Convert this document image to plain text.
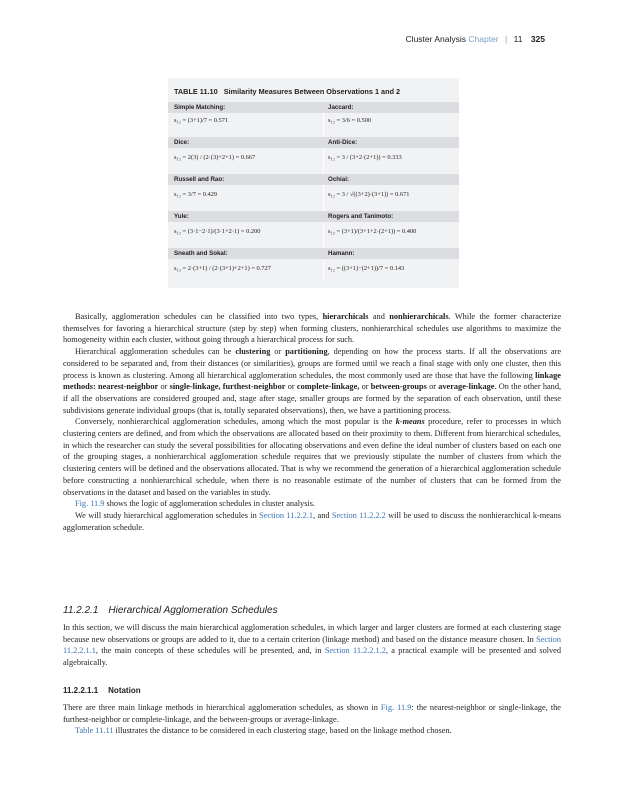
Cluster Analysis Chapter | 11 325
TABLE 11.10 Similarity Measures Between Observations 1 and 2
Simple Matching:	Jaccard:
s₁₂ = (3+1)/7 = 0.571	s₁₂ = 3/6 = 0.500
Dice:	Anti-Dice:
s₁₂ = 2(3) / (2·(3)+2+1) = 0.667	s₁₂ = 3 / (3+2·(2+1)) = 0.333
Russell and Rao:	Ochiai:
s₁₂ = 3/7 = 0.429	s₁₂ = 3 / √((3+2)·(3+1)) = 0.671
Yule:	Rogers and Tanimoto:
s₁₂ = (3·1−2·1)/(3·1+2·1) = 0.200	s₁₂ = (3+1)/(3+1+2·(2+1)) = 0.400
Sneath and Sokal:	Hamann:
s₁₂ = 2·(3+1) / (2·(3+1)+2+1) = 0.727	s₁₂ = ((3+1)−(2+1))/7 = 0.143

Basically, agglomeration schedules can be classified into two types, hierarchicals and nonhierarchicals. While the former characterize themselves for favoring a hierarchical structure (step by step) when forming clusters, nonhierarchical schedules use algorithms to maximize the homogeneity within each cluster, without going through a hierarchical process for such.

Hierarchical agglomeration schedules can be clustering or partitioning, depending on how the process starts. If all the observations are considered to be separated and, from their distances (or similarities), groups are formed until we reach a final stage with only one cluster, then this process is known as clustering. Among all hierarchical agglomeration schedules, the most commonly used are those that have the following linkage methods: nearest-neighbor or single-linkage, furthest-neighbor or complete-linkage, or between-groups or average-linkage. On the other hand, if all the observations are considered grouped and, stage after stage, smaller groups are formed by the separation of each observation, until these subdivisions generate individual groups (that is, totally separated observations), then, we have a partitioning process.

Conversely, nonhierarchical agglomeration schedules, among which the most popular is the k-means procedure, refer to processes in which clustering centers are defined, and from which the observations are allocated based on their proximity to them. Different from hierarchical schedules, in which the researcher can study the several possibilities for allocating observations and even define the ideal number of clusters based on each one of the grouping stages, a nonhierarchical agglomeration schedule requires that we previously stipulate the number of clusters from which the clustering centers will be defined and the observations allocated. That is why we recommend the generation of a hierarchical agglomeration schedule before constructing a nonhierarchical schedule, when there is no reasonable estimate of the number of clusters that can be formed from the observations in the dataset and based on the variables in study.

Fig. 11.9 shows the logic of agglomeration schedules in cluster analysis.

We will study hierarchical agglomeration schedules in Section 11.2.2.1, and Section 11.2.2.2 will be used to discuss the nonhierarchical k-means agglomeration schedule.

11.2.2.1 Hierarchical Agglomeration Schedules

In this section, we will discuss the main hierarchical agglomeration schedules, in which larger and larger clusters are formed at each clustering stage because new observations or groups are added to it, due to a certain criterion (linkage method) and based on the distance measure chosen. In Section 11.2.2.1.1, the main concepts of these schedules will be presented, and, in Section 11.2.2.1.2, a practical example will be presented and solved algebraically.

11.2.2.1.1 Notation

There are three main linkage methods in hierarchical agglomeration schedules, as shown in Fig. 11.9: the nearest-neighbor or single-linkage, the furthest-neighbor or complete-linkage, and the between-groups or average-linkage.

Table 11.11 illustrates the distance to be considered in each clustering stage, based on the linkage method chosen.
